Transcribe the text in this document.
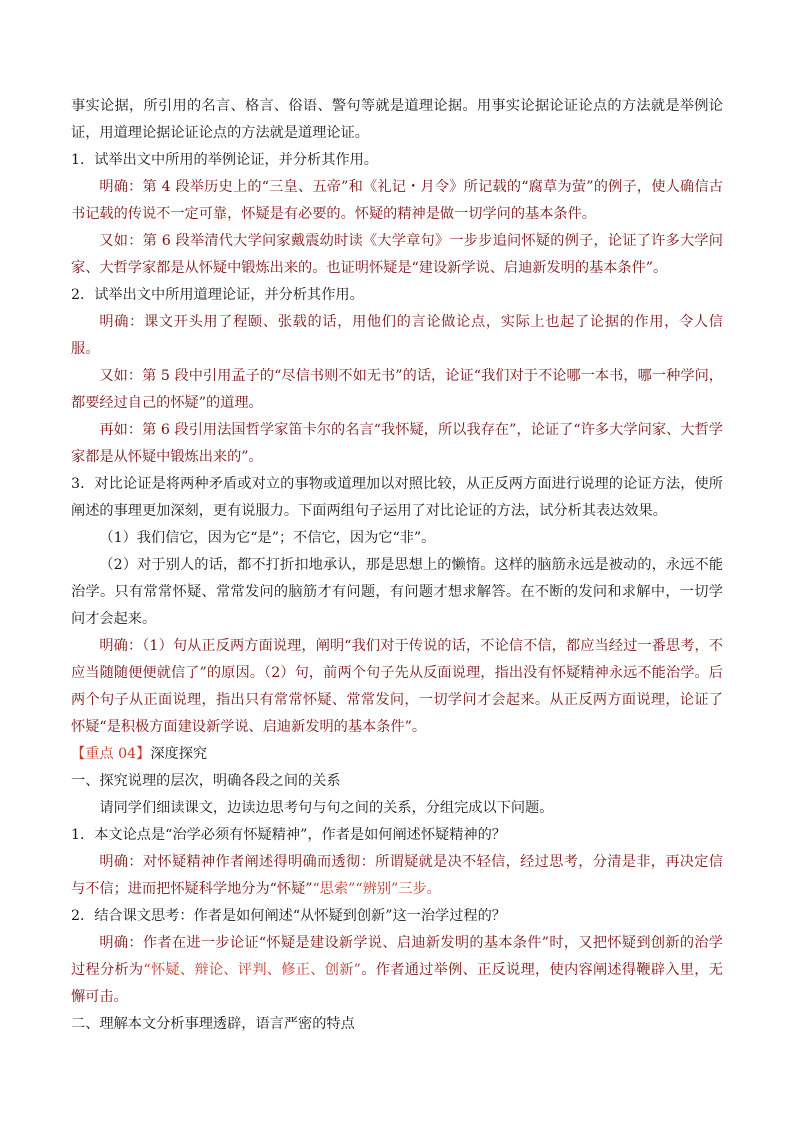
事实论据，所引用的名言、格言、俗语、警句等就是道理论据。用事实论据论证论点的方法就是举例论证，用道理论据论证论点的方法就是道理论证。

1．试举出文中所用的举例论证，并分析其作用。

明确：第 4 段举历史上的“三皇、五帝”和《礼记・月令》所记载的“腐草为萤”的例子，使人确信古书记载的传说不一定可靠，怀疑是有必要的。怀疑的精神是做一切学问的基本条件。

又如：第 6 段举清代大学问家戴震幼时读《大学章句》一步步追问怀疑的例子，论证了许多大学问家、大哲学家都是从怀疑中锻炼出来的。也证明怀疑是“建设新学说、启迪新发明的基本条件”。

2．试举出文中所用道理论证，并分析其作用。

明确：课文开头用了程颐、张载的话，用他们的言论做论点，实际上也起了论据的作用，令人信服。

又如：第 5 段中引用孟子的“尽信书则不如无书”的话，论证“我们对于不论哪一本书，哪一种学问，都要经过自己的怀疑”的道理。

再如：第 6 段引用法国哲学家笛卡尔的名言“我怀疑，所以我存在”，论证了“许多大学问家、大哲学家都是从怀疑中锻炼出来的”。

3．对比论证是将两种矛盾或对立的事物或道理加以对照比较，从正反两方面进行说理的论证方法，使所阐述的事理更加深刻，更有说服力。下面两组句子运用了对比论证的方法，试分析其表达效果。

（1）我们信它，因为它“是”；不信它，因为它“非”。

（2）对于别人的话，都不打折扣地承认，那是思想上的懒惰。这样的脑筋永远是被动的，永远不能治学。只有常常怀疑、常常发问的脑筋才有问题，有问题才想求解答。在不断的发问和求解中，一切学问才会起来。

明确：（1）句从正反两方面说理，阐明“我们对于传说的话，不论信不信，都应当经过一番思考，不应当随随便便就信了”的原因。（2）句，前两个句子先从反面说理，指出没有怀疑精神永远不能治学。后两个句子从正面说理，指出只有常常怀疑、常常发问，一切学问才会起来。从正反两方面说理，论证了怀疑“是积极方面建设新学说、启迪新发明的基本条件”。

【重点 04】深度探究

一、探究说理的层次，明确各段之间的关系

请同学们细读课文，边读边思考句与句之间的关系，分组完成以下问题。

1．本文论点是“治学必须有怀疑精神”，作者是如何阐述怀疑精神的？

明确：对怀疑精神作者阐述得明确而透彻：所谓疑就是决不轻信，经过思考，分清是非，再决定信与不信；进而把怀疑科学地分为“怀疑”“思索”“辨别”三步。

2．结合课文思考：作者是如何阐述“从怀疑到创新”这一治学过程的？

明确：作者在进一步论证“怀疑是建设新学说、启迪新发明的基本条件”时，又把怀疑到创新的治学过程分析为“怀疑、辩论、评判、修正、创新”。作者通过举例、正反说理，使内容阐述得鞭辟入里，无懈可击。

二、理解本文分析事理透辟，语言严密的特点
